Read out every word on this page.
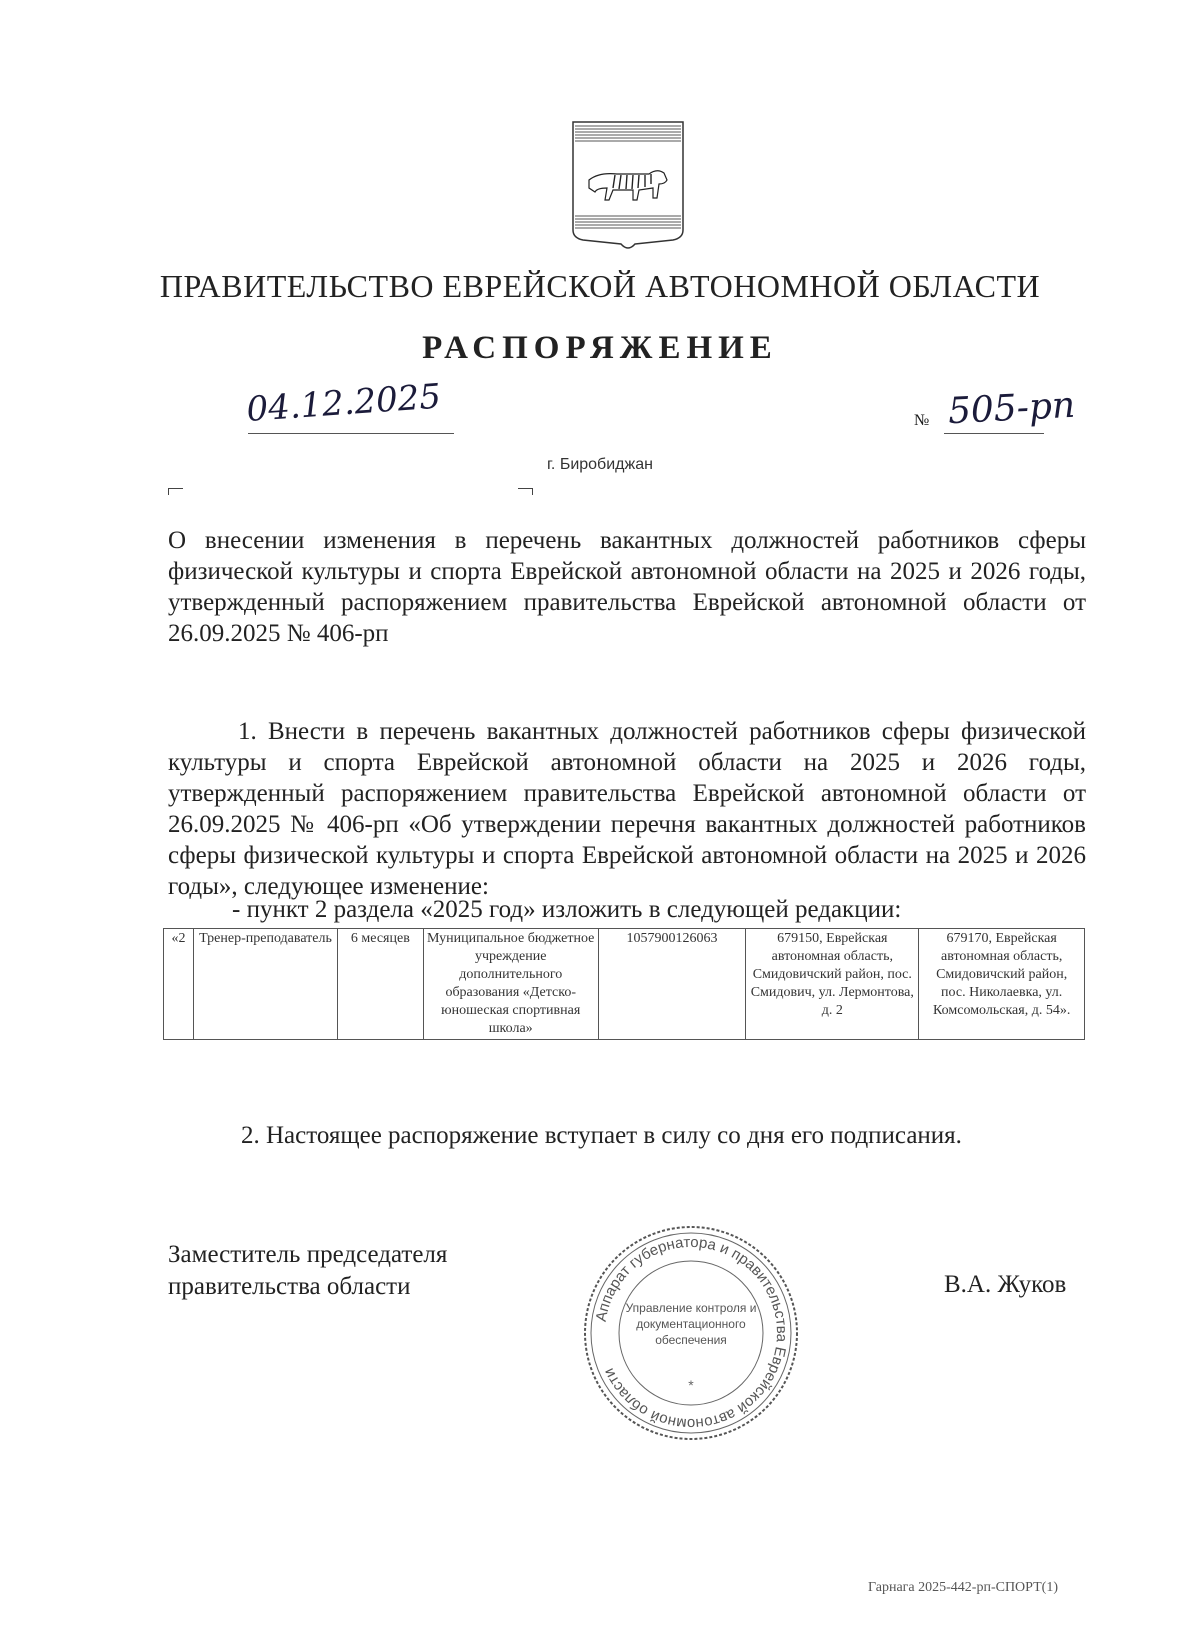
ПРАВИТЕЛЬСТВО ЕВРЕЙСКОЙ АВТОНОМНОЙ ОБЛАСТИ
РАСПОРЯЖЕНИЕ
04.12.2025	№ 505-рп
г. Биробиджан
О внесении изменения в перечень вакантных должностей работников сферы физической культуры и спорта Еврейской автономной области на 2025 и 2026 годы, утвержденный распоряжением правительства Еврейской автономной области от 26.09.2025 № 406-рп
1. Внести в перечень вакантных должностей работников сферы физической культуры и спорта Еврейской автономной области на 2025 и 2026 годы, утвержденный распоряжением правительства Еврейской автономной области от 26.09.2025 № 406-рп «Об утверждении перечня вакантных должностей работников сферы физической культуры и спорта Еврейской автономной области на 2025 и 2026 годы», следующее изменение:
- пункт 2 раздела «2025 год» изложить в следующей редакции:
«2	Тренер-преподаватель	6 месяцев	Муниципальное бюджетное учреждение дополнительного образования «Детско-юношеская спортивная школа»	1057900126063	679150, Еврейская автономная область, Смидовичский район, пос. Смидович, ул. Лермонтова, д. 2	679170, Еврейская автономная область, Смидовичский район, пос. Николаевка, ул. Комсомольская, д. 54».
2. Настоящее распоряжение вступает в силу со дня его подписания.
Заместитель председателя
правительства области	В.А. Жуков
Аппарат губернатора и правительства Еврейской автономной области
Управление контроля и
документационного
обеспечения
*
Гарнага 2025-442-рп-СПОРТ(1)
